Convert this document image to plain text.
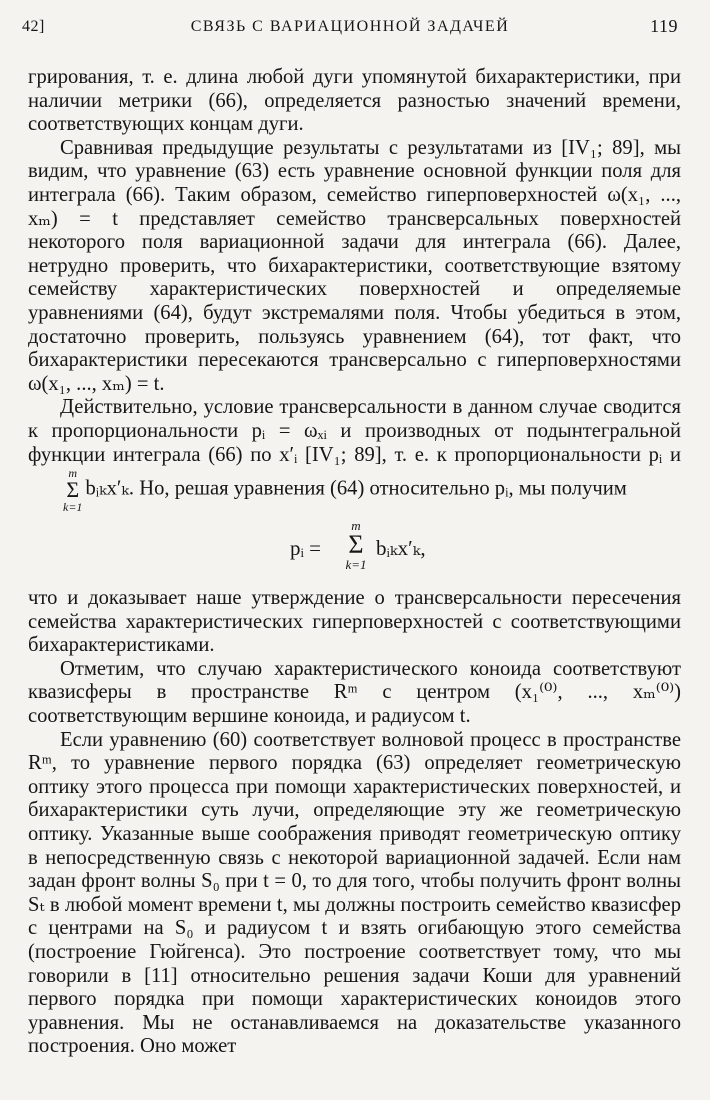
42]	СВЯЗЬ С ВАРИАЦИОННОЙ ЗАДАЧЕЙ	119

грирования, т. е. длина любой дуги упомянутой бихарактеристики, при наличии метрики (66), определяется разностью значений времени, соответствующих концам дуги.

Сравнивая предыдущие результаты с результатами из [IV₁; 89], мы видим, что уравнение (63) есть уравнение основной функции поля для интеграла (66). Таким образом, семейство гиперповерхностей ω(x₁, ..., xₘ) = t представляет семейство трансверсальных поверхностей некоторого поля вариационной задачи для интеграла (66). Далее, нетрудно проверить, что бихарактеристики, соответствующие взятому семейству характеристических поверхностей и определяемые уравнениями (64), будут экстремалями поля. Чтобы убедиться в этом, достаточно проверить, пользуясь уравнением (64), тот факт, что бихарактеристики пересекаются трансверсально с гиперповерхностями ω(x₁, ..., xₘ) = t.

Действительно, условие трансверсальности в данном случае сводится к пропорциональности pᵢ = ωₓᵢ и производных от подынтегральной функции интеграла (66) по x′ᵢ [IV₁; 89], т. е. к пропорциональности pᵢ и
m
Σ
k=1
bᵢₖx′ₖ. Но, решая уравнения (64) относительно pᵢ, мы получим

pᵢ =
m
Σ
k=1
bᵢₖx′ₖ,

что и доказывает наше утверждение о трансверсальности пересечения семейства характеристических гиперповерхностей с соответствующими бихарактеристиками.

Отметим, что случаю характеристического коноида соответствуют квазисферы в пространстве Rᵐ с центром (x₁⁽⁰⁾, ..., xₘ⁽⁰⁾) соответствующим вершине коноида, и радиусом t.

Если уравнению (60) соответствует волновой процесс в пространстве Rᵐ, то уравнение первого порядка (63) определяет геометрическую оптику этого процесса при помощи характеристических поверхностей, и бихарактеристики суть лучи, определяющие эту же геометрическую оптику. Указанные выше соображения приводят геометрическую оптику в непосредственную связь с некоторой вариационной задачей. Если нам задан фронт волны S₀ при t = 0, то для того, чтобы получить фронт волны Sₜ в любой момент времени t, мы должны построить семейство квазисфер с центрами на S₀ и радиусом t и взять огибающую этого семейства (построение Гюйгенса). Это построение соответствует тому, что мы говорили в [11] относительно решения задачи Коши для уравнений первого порядка при помощи характеристических коноидов этого уравнения. Мы не останавливаемся на доказательстве указанного построения. Оно может
